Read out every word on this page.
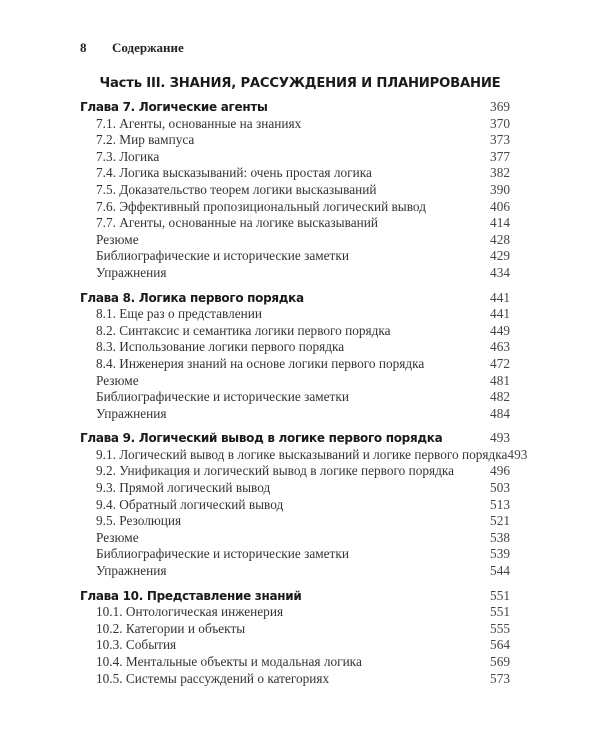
8 Содержание
Часть III. ЗНАНИЯ, РАССУЖДЕНИЯ И ПЛАНИРОВАНИЕ
Глава 7. Логические агенты	369
7.1. Агенты, основанные на знаниях	370
7.2. Мир вампуса	373
7.3. Логика	377
7.4. Логика высказываний: очень простая логика	382
7.5. Доказательство теорем логики высказываний	390
7.6. Эффективный пропозициональный логический вывод	406
7.7. Агенты, основанные на логике высказываний	414
Резюме	428
Библиографические и исторические заметки	429
Упражнения	434
Глава 8. Логика первого порядка	441
8.1. Еще раз о представлении	441
8.2. Синтаксис и семантика логики первого порядка	449
8.3. Использование логики первого порядка	463
8.4. Инженерия знаний на основе логики первого порядка	472
Резюме	481
Библиографические и исторические заметки	482
Упражнения	484
Глава 9. Логический вывод в логике первого порядка	493
9.1. Логический вывод в логике высказываний и логике первого порядка 493
9.2. Унификация и логический вывод в логике первого порядка	496
9.3. Прямой логический вывод	503
9.4. Обратный логический вывод	513
9.5. Резолюция	521
Резюме	538
Библиографические и исторические заметки	539
Упражнения	544
Глава 10. Представление знаний	551
10.1. Онтологическая инженерия	551
10.2. Категории и объекты	555
10.3. События	564
10.4. Ментальные объекты и модальная логика	569
10.5. Системы рассуждений о категориях	573
